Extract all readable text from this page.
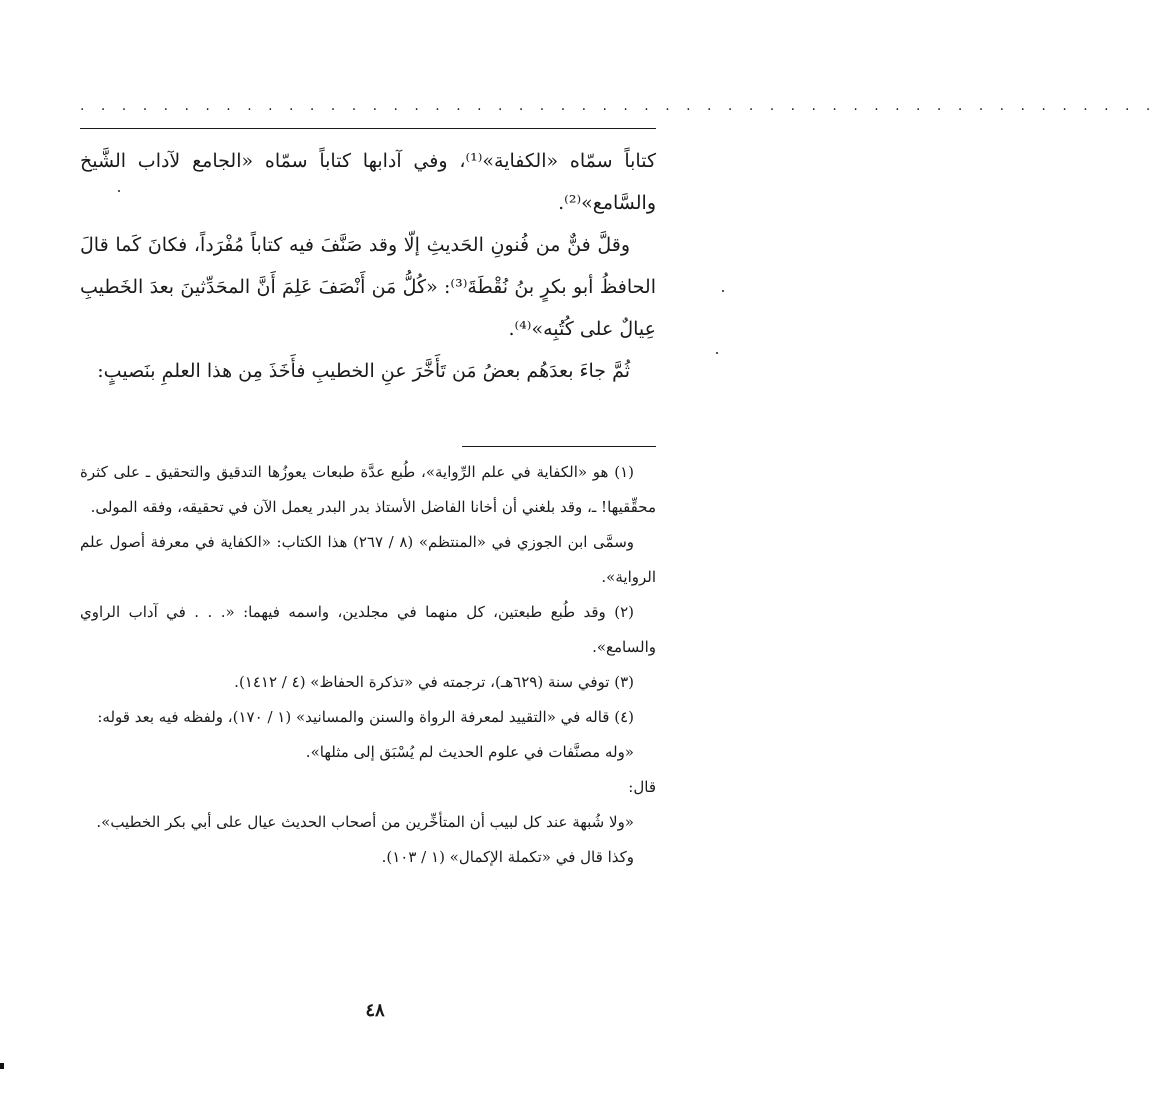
. . . . . . . . . . . . . . . . . . . . . . . . . . . . . . . . . . . . . . . . . . . . . . . . . . . .

كتاباً سمّاه «الكفاية»⁽¹⁾، وفي آدابها كتاباً سمّاه «الجامع لآداب الشَّيخ والسَّامع»⁽²⁾.

وقلَّ فنٌّ من فُنونِ الحَديثِ إلّا وقد صَنَّفَ فيه كتاباً مُفْرَداً، فكانَ كَما قالَ الحافظُ أبو بكرٍ بنُ نُقْطَةَ⁽³⁾: «كُلُّ مَن أَنْصَفَ عَلِمَ أَنَّ المحَدِّثينَ بعدَ الخَطيبِ عِيالٌ على كُتُبِه»⁽⁴⁾.

ثُمَّ جاءَ بعدَهُم بعضُ مَن تَأَخَّرَ عنِ الخطيبِ فأَخَذَ مِن هذا العلمِ بنَصيبٍ:

(١) هو «الكفاية في علم الرِّواية»، طُبع عدَّة طبعات يعوزُها التدقيق والتحقيق ـ على كثرة محقِّقيها! ـ، وقد بلغني أن أخانا الفاضل الأستاذ بدر البدر يعمل الآن في تحقيقه، وفقه المولى.

وسمَّى ابن الجوزي في «المنتظم» (٨ / ٢٦٧) هذا الكتاب: «الكفاية في معرفة أصول علم الرواية».

(٢) وقد طُبع طبعتين، كل منهما في مجلدين، واسمه فيهما: «. . . في آداب الراوي والسامع».

(٣) توفي سنة (٦٢٩هـ)، ترجمته في «تذكرة الحفاظ» (٤ / ١٤١٢).

(٤) قاله في «التقييد لمعرفة الرواة والسنن والمسانيد» (١ / ١٧٠)، ولفظه فيه بعد قوله:

«وله مصنَّفات في علوم الحديث لم يُسْبَق إلى مثلها».

قال:

«ولا شُبهة عند كل لبيب أن المتأخِّرين من أصحاب الحديث عيال على أبي بكر الخطيب».

وكذا قال في «تكملة الإكمال» (١ / ١٠٣).

٤٨
